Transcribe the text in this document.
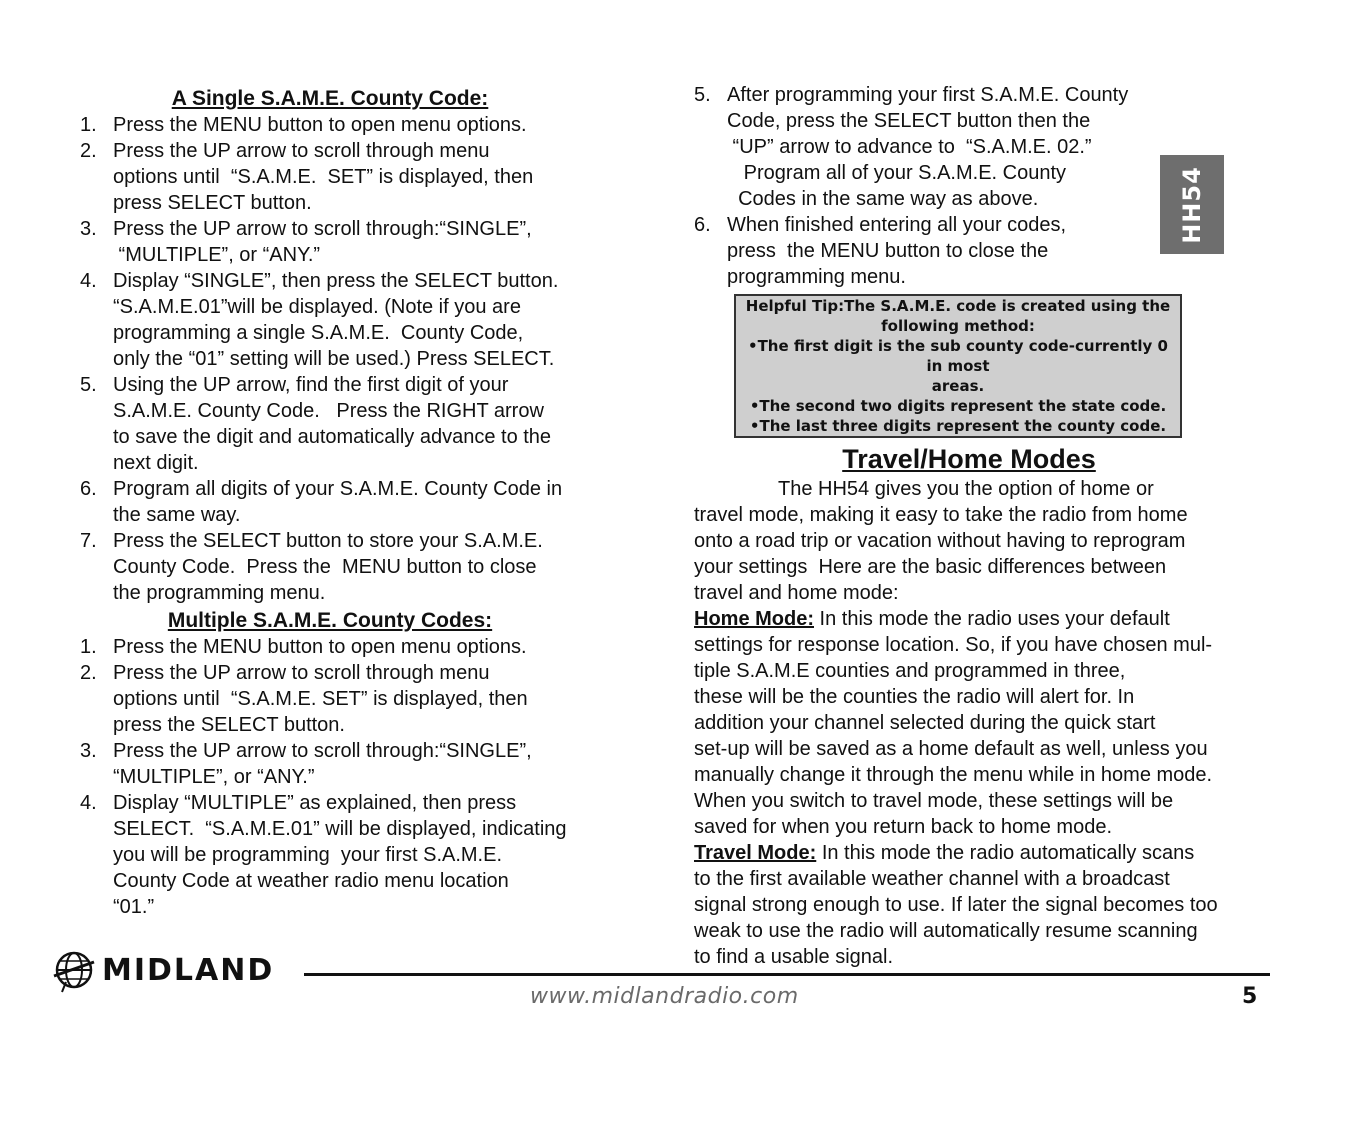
A Single S.A.M.E. County Code:
1. Press the MENU button to open menu options.
2. Press the UP arrow to scroll through menu
options until  “S.A.M.E.  SET” is displayed, then
press SELECT button.
3. Press the UP arrow to scroll through:“SINGLE”,
“MULTIPLE”, or “ANY.”
4. Display “SINGLE”, then press the SELECT button.
“S.A.M.E.01”will be displayed. (Note if you are
programming a single S.A.M.E.  County Code,
only the “01” setting will be used.) Press SELECT.
5. Using the UP arrow, find the first digit of your
S.A.M.E. County Code.   Press the RIGHT arrow
to save the digit and automatically advance to the
next digit.
6. Program all digits of your S.A.M.E. County Code in
the same way.
7. Press the SELECT button to store your S.A.M.E.
County Code.  Press the  MENU button to close
the programming menu.
Multiple S.A.M.E. County Codes:
1. Press the MENU button to open menu options.
2. Press the UP arrow to scroll through menu
options until  “S.A.M.E. SET” is displayed, then
press the SELECT button.
3. Press the UP arrow to scroll through:“SINGLE”,
“MULTIPLE”, or “ANY.”
4. Display “MULTIPLE” as explained, then press
SELECT.  “S.A.M.E.01” will be displayed, indicating
you will be programming  your first S.A.M.E.
County Code at weather radio menu location
“01.”
5. After programming your first S.A.M.E. County
Code, press the SELECT button then the
“UP” arrow to advance to  “S.A.M.E. 02.”
Program all of your S.A.M.E. County
Codes in the same way as above.
6. When finished entering all your codes,
press  the MENU button to close the
programming menu.
Helpful Tip:The S.A.M.E. code is created using the
following method:
•The first digit is the sub county code-currently 0 in most
areas.
•The second two digits represent the state code.
•The last three digits represent the county code.
Travel/Home Modes
The HH54 gives you the option of home or
travel mode, making it easy to take the radio from home
onto a road trip or vacation without having to reprogram
your settings  Here are the basic differences between
travel and home mode:
Home Mode: In this mode the radio uses your default
settings for response location. So, if you have chosen mul-
tiple S.A.M.E counties and programmed in three,
these will be the counties the radio will alert for. In
addition your channel selected during the quick start
set-up will be saved as a home default as well, unless you
manually change it through the menu while in home mode.
When you switch to travel mode, these settings will be
saved for when you return back to home mode.
Travel Mode: In this mode the radio automatically scans
to the first available weather channel with a broadcast
signal strong enough to use. If later the signal becomes too
weak to use the radio will automatically resume scanning
to find a usable signal.
HH54
MIDLAND
www.midlandradio.com	5
